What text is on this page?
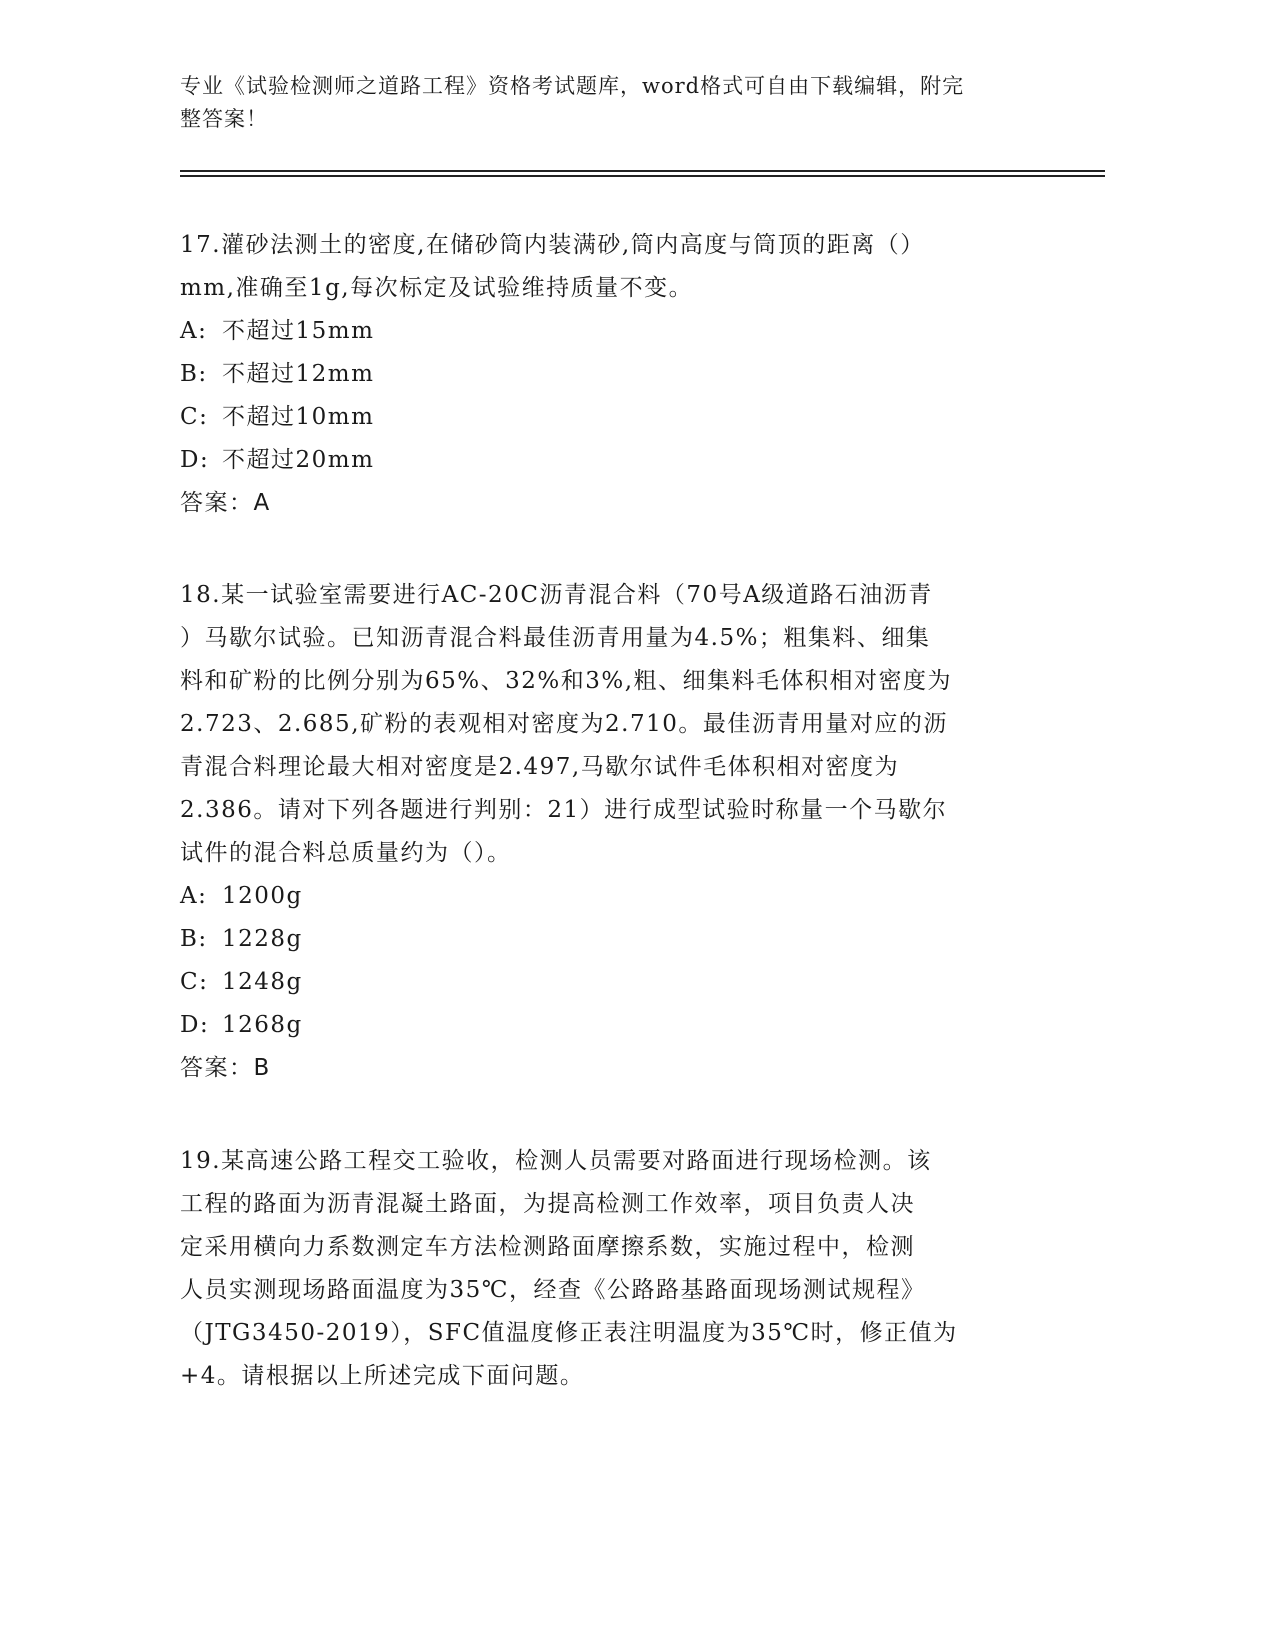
专业《试验检测师之道路工程》资格考试题库，word格式可自由下载编辑，附完
整答案！

17.灌砂法测土的密度,在储砂筒内装满砂,筒内高度与筒顶的距离（）

mm,准确至1g,每次标定及试验维持质量不变。

A: 不超过15mm

B: 不超过12mm

C: 不超过10mm

D: 不超过20mm

答案：A

18.某一试验室需要进行AC-20C沥青混合料（70号A级道路石油沥青

）马歇尔试验。已知沥青混合料最佳沥青用量为4.5%；粗集料、细集

料和矿粉的比例分别为65%、32%和3%,粗、细集料毛体积相对密度为

2.723、2.685,矿粉的表观相对密度为2.710。最佳沥青用量对应的沥

青混合料理论最大相对密度是2.497,马歇尔试件毛体积相对密度为

2.386。请对下列各题进行判别：21）进行成型试验时称量一个马歇尔

试件的混合料总质量约为（）。

A: 1200g

B: 1228g

C: 1248g

D: 1268g

答案：B

19.某高速公路工程交工验收，检测人员需要对路面进行现场检测。该

工程的路面为沥青混凝土路面，为提高检测工作效率，项目负责人决

定采用横向力系数测定车方法检测路面摩擦系数，实施过程中，检测

人员实测现场路面温度为35℃，经查《公路路基路面现场测试规程》

（JTG3450-2019），SFC值温度修正表注明温度为35℃时，修正值为

+4。请根据以上所述完成下面问题。
